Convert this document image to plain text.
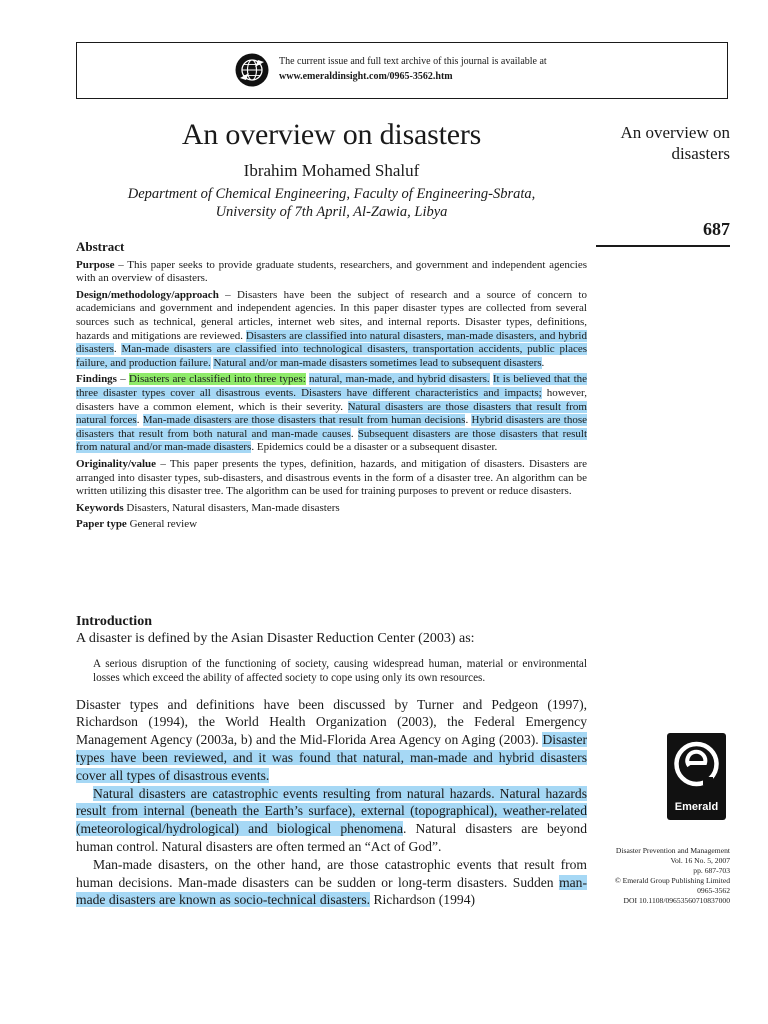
The current issue and full text archive of this journal is available at
www.emeraldinsight.com/0965-3562.htm
An overview on disasters
Ibrahim Mohamed Shaluf
Department of Chemical Engineering, Faculty of Engineering-Sbrata,
University of 7th April, Al-Zawia, Libya
An overview on disasters
687
Abstract

Purpose – This paper seeks to provide graduate students, researchers, and government and independent agencies with an overview of disasters.

Design/methodology/approach – Disasters have been the subject of research and a source of concern to academicians and government and independent agencies. In this paper disaster types are collected from several sources such as technical, general articles, internet web sites, and internal reports. Disaster types, definitions, hazards and mitigations are reviewed. Disasters are classified into natural disasters, man-made disasters, and hybrid disasters. Man-made disasters are classified into technological disasters, transportation accidents, public places failure, and production failure. Natural and/or man-made disasters sometimes lead to subsequent disasters.

Findings – Disasters are classified into three types: natural, man-made, and hybrid disasters. It is believed that the three disaster types cover all disastrous events. Disasters have different characteristics and impacts; however, disasters have a common element, which is their severity. Natural disasters are those disasters that result from natural forces. Man-made disasters are those disasters that result from human decisions. Hybrid disasters are those disasters that result from both natural and man-made causes. Subsequent disasters are those disasters that result from natural and/or man-made disasters. Epidemics could be a disaster or a subsequent disaster.

Originality/value – This paper presents the types, definition, hazards, and mitigation of disasters. Disasters are arranged into disaster types, sub-disasters, and disastrous events in the form of a disaster tree. An algorithm can be written utilizing this disaster tree. The algorithm can be used for training purposes to prevent or reduce disasters.

Keywords Disasters, Natural disasters, Man-made disasters

Paper type General review

Introduction

A disaster is defined by the Asian Disaster Reduction Center (2003) as:

A serious disruption of the functioning of society, causing widespread human, material or environmental losses which exceed the ability of affected society to cope using only its own resources.

Disaster types and definitions have been discussed by Turner and Pedgeon (1997), Richardson (1994), the World Health Organization (2003), the Federal Emergency Management Agency (2003a, b) and the Mid-Florida Area Agency on Aging (2003). Disaster types have been reviewed, and it was found that natural, man-made and hybrid disasters cover all types of disastrous events.

Natural disasters are catastrophic events resulting from natural hazards. Natural hazards result from internal (beneath the Earth’s surface), external (topographical), weather-related (meteorological/hydrological) and biological phenomena. Natural disasters are beyond human control. Natural disasters are often termed an “Act of God”.

Man-made disasters, on the other hand, are those catastrophic events that result from human decisions. Man-made disasters can be sudden or long-term disasters. Sudden man-made disasters are known as socio-technical disasters. Richardson (1994)

Emerald
Disaster Prevention and Management
Vol. 16 No. 5, 2007
pp. 687-703
© Emerald Group Publishing Limited
0965-3562
DOI 10.1108/09653560710837000
